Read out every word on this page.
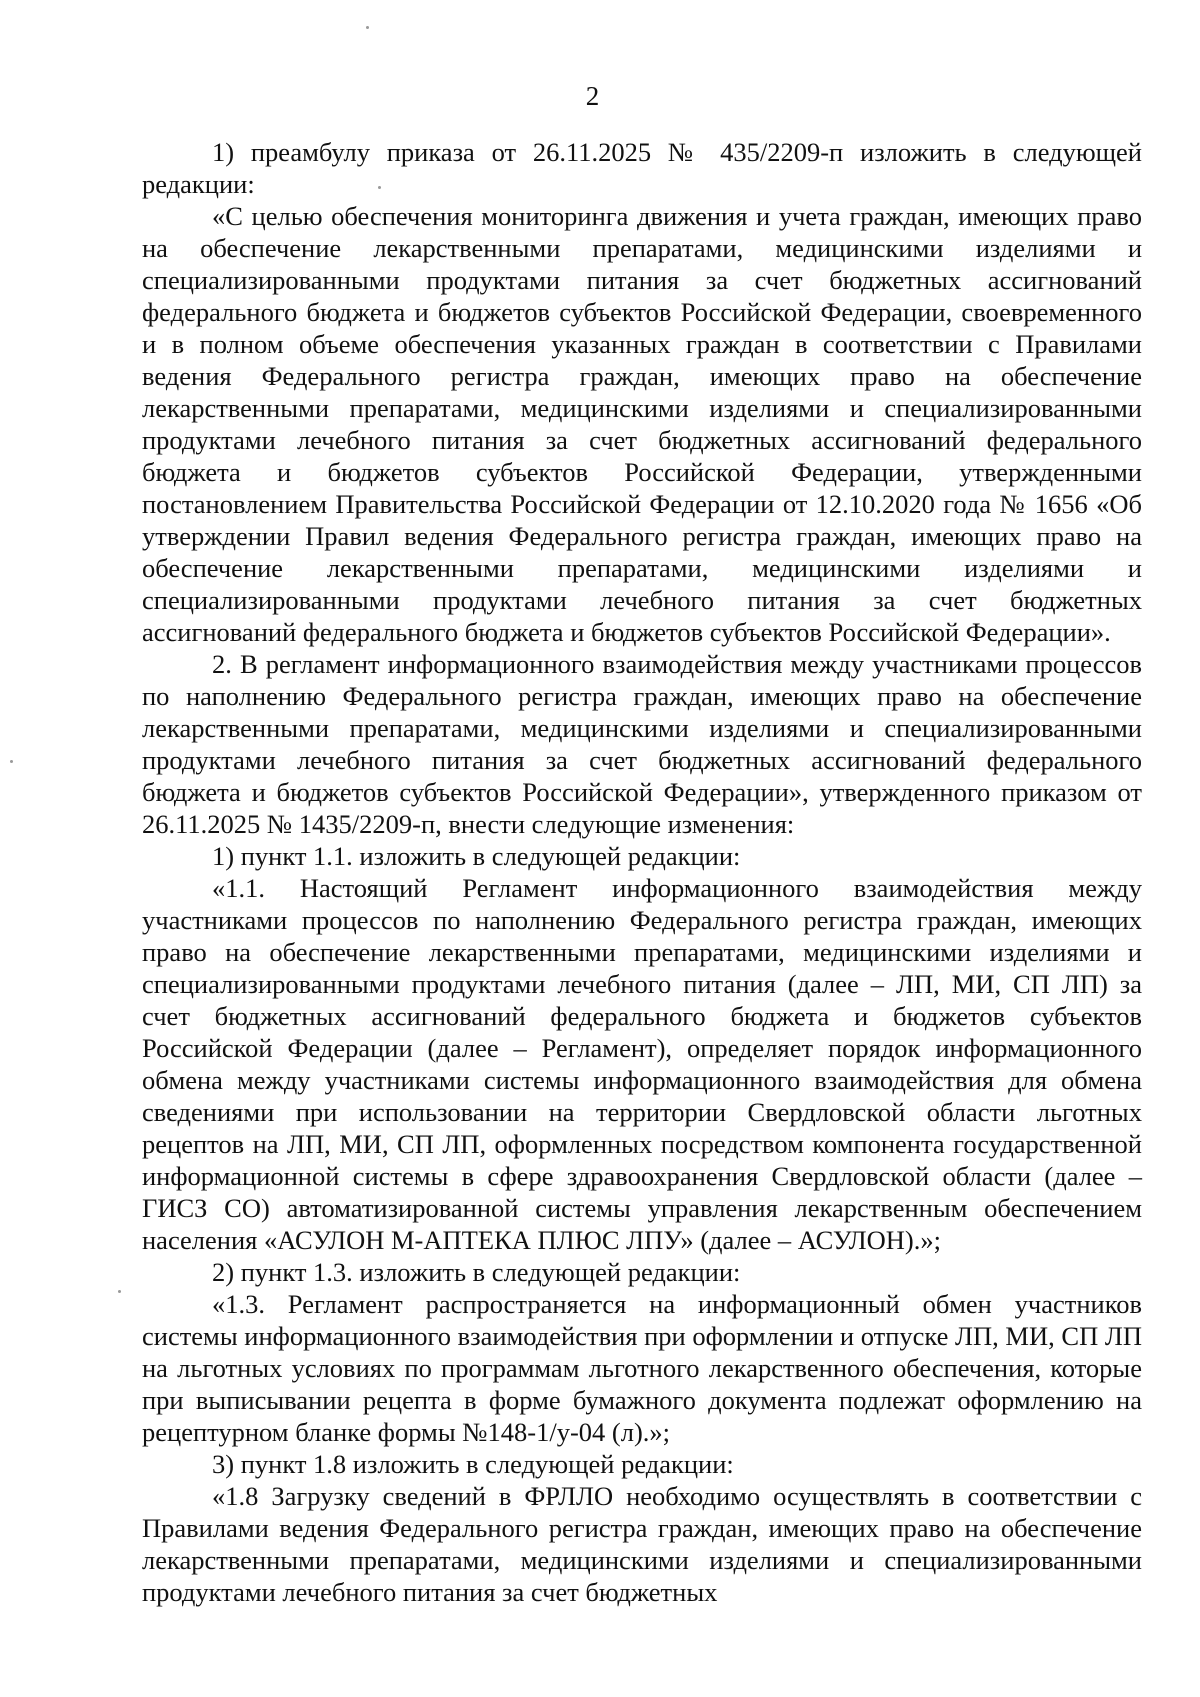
2

1) преамбулу приказа от 26.11.2025 № 435/2209-п изложить в следующей редакции:

«С целью обеспечения мониторинга движения и учета граждан, имеющих право на обеспечение лекарственными препаратами, медицинскими изделиями и специализированными продуктами питания за счет бюджетных ассигнований федерального бюджета и бюджетов субъектов Российской Федерации, своевременного и в полном объеме обеспечения указанных граждан в соответствии с Правилами ведения Федерального регистра граждан, имеющих право на обеспечение лекарственными препаратами, медицинскими изделиями и специализированными продуктами лечебного питания за счет бюджетных ассигнований федерального бюджета и бюджетов субъектов Российской Федерации, утвержденными постановлением Правительства Российской Федерации от 12.10.2020 года № 1656 «Об утверждении Правил ведения Федерального регистра граждан, имеющих право на обеспечение лекарственными препаратами, медицинскими изделиями и специализированными продуктами лечебного питания за счет бюджетных ассигнований федерального бюджета и бюджетов субъектов Российской Федерации».

2. В регламент информационного взаимодействия между участниками процессов по наполнению Федерального регистра граждан, имеющих право на обеспечение лекарственными препаратами, медицинскими изделиями и специализированными продуктами лечебного питания за счет бюджетных ассигнований федерального бюджета и бюджетов субъектов Российской Федерации», утвержденного приказом от 26.11.2025 № 1435/2209-п, внести следующие изменения:

1) пункт 1.1. изложить в следующей редакции:

«1.1. Настоящий Регламент информационного взаимодействия между участниками процессов по наполнению Федерального регистра граждан, имеющих право на обеспечение лекарственными препаратами, медицинскими изделиями и специализированными продуктами лечебного питания (далее – ЛП, МИ, СП ЛП) за счет бюджетных ассигнований федерального бюджета и бюджетов субъектов Российской Федерации (далее – Регламент), определяет порядок информационного обмена между участниками системы информационного взаимодействия для обмена сведениями при использовании на территории Свердловской области льготных рецептов на ЛП, МИ, СП ЛП, оформленных посредством компонента государственной информационной системы в сфере здравоохранения Свердловской области (далее – ГИСЗ СО) автоматизированной системы управления лекарственным обеспечением населения «АСУЛОН М-АПТЕКА ПЛЮС ЛПУ» (далее – АСУЛОН).»;

2) пункт 1.3. изложить в следующей редакции:

«1.3. Регламент распространяется на информационный обмен участников системы информационного взаимодействия при оформлении и отпуске ЛП, МИ, СП ЛП на льготных условиях по программам льготного лекарственного обеспечения, которые при выписывании рецепта в форме бумажного документа подлежат оформлению на рецептурном бланке формы №148-1/у-04 (л).»;

3) пункт 1.8 изложить в следующей редакции:

«1.8 Загрузку сведений в ФРЛЛО необходимо осуществлять в соответствии с Правилами ведения Федерального регистра граждан, имеющих право на обеспечение лекарственными препаратами, медицинскими изделиями и специализированными продуктами лечебного питания за счет бюджетных
